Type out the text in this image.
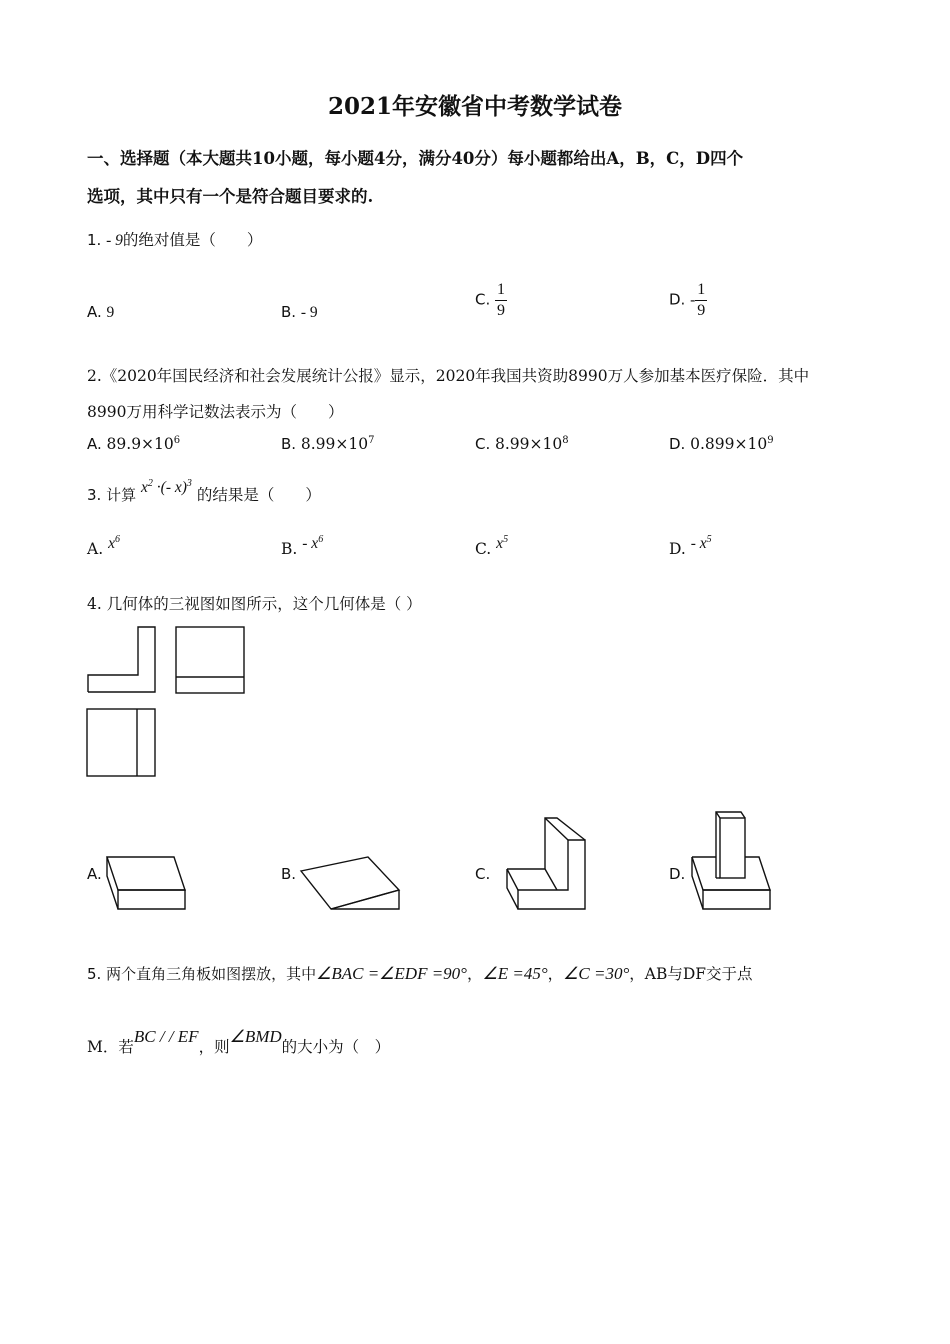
2021年安徽省中考数学试卷
一、选择题（本大题共10小题，每小题4分，满分40分）每小题都给出A，B，C，D四个
选项，其中只有一个是符合题目要求的.
1. - 9的绝对值是（　　）
A. 9	B. - 9
C. $\frac{1}{9}$	D. - $\frac{1}{9}$
2.《2020年国民经济和社会发展统计公报》显示，2020年我国共资助8990万人参加基本医疗保险．其中
8990万用科学记数法表示为（　　）
A. $89.9\times 10^6$	B. $8.99\times 10^7$	C. $8.99\times 10^8$	D. $0.899\times 10^9$
3. 计算 $x^2$ ·(- x)$^3$ 的结果是（　　）
A. $x^6$
B. - $x^6$
C. $x^5$
D. - $x^5$
4. 几何体的三视图如图所示，这个几何体是（ ）
A.	B.	C.	D.
5. 两个直角三角板如图摆放，其中∠BAC =∠EDF =90°，∠E =45°，∠C =30°，AB与DF交于点
M．若BC / / EF，则∠BMD的大小为（　）
